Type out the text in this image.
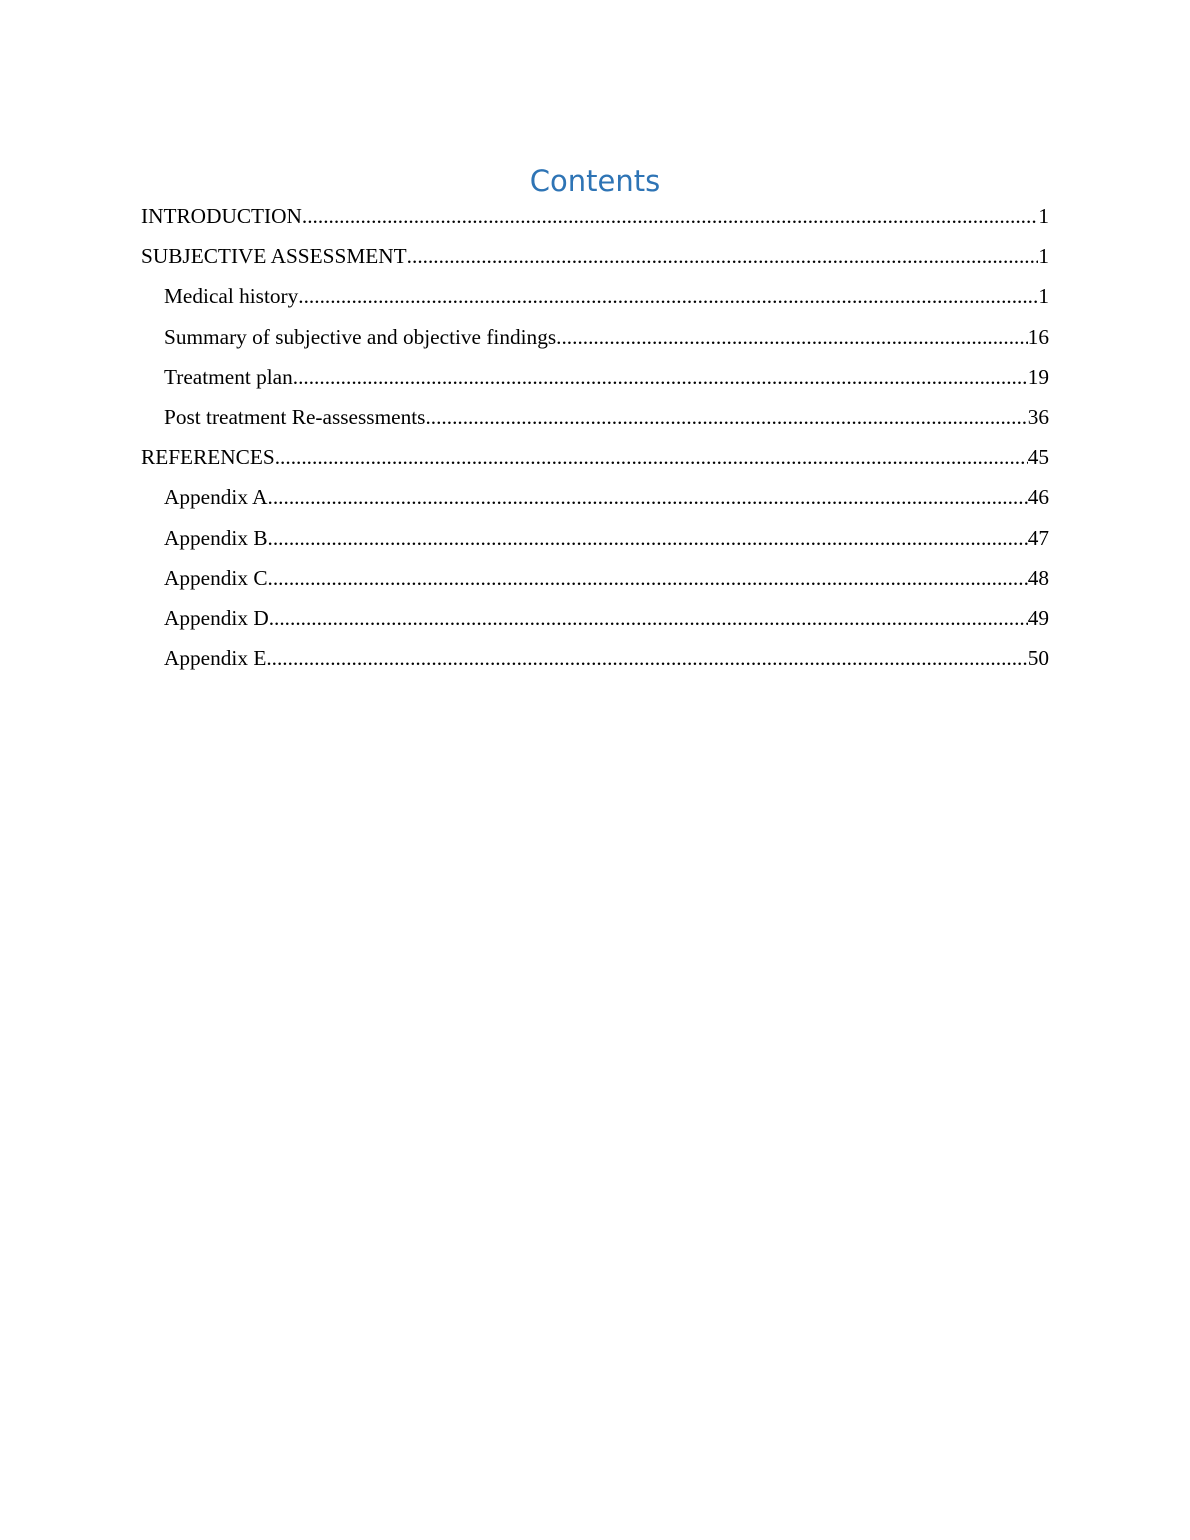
Contents
INTRODUCTION .....	1
SUBJECTIVE ASSESSMENT .....	1
Medical history .....	1
Summary of subjective and objective findings .....	16
Treatment plan .....	19
Post treatment Re-assessments .....	36
REFERENCES .....	45
Appendix A .....	46
Appendix B .....	47
Appendix C .....	48
Appendix D .....	49
Appendix E .....	50
